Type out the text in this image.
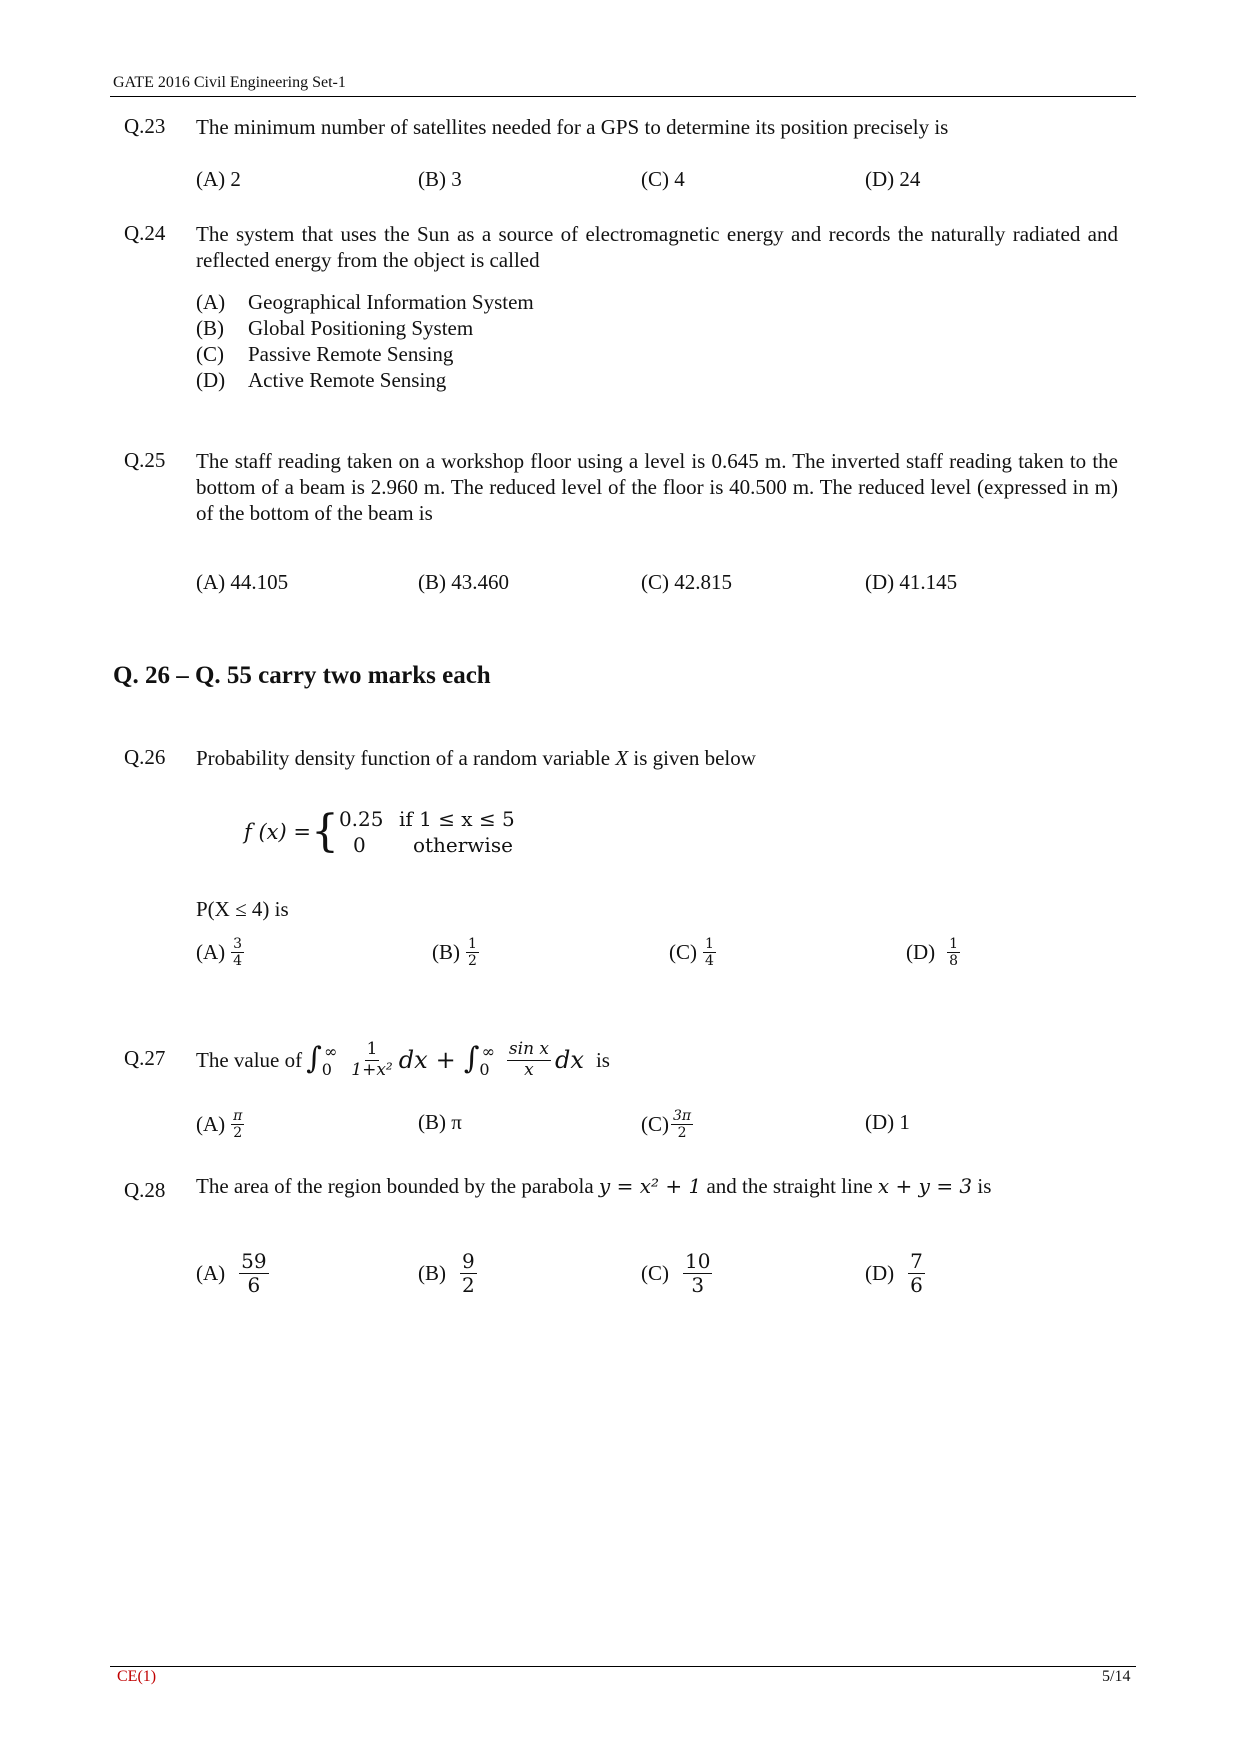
GATE 2016 Civil Engineering Set-1
CE(1)	5/14
Q.23 The minimum number of satellites needed for a GPS to determine its position precisely is
(A) 2	(B) 3	(C) 4	(D) 24
Q.24 The system that uses the Sun as a source of electromagnetic energy and records the naturally radiated and reflected energy from the object is called
(A) Geographical Information System
(B) Global Positioning System
(C) Passive Remote Sensing
(D) Active Remote Sensing
Q.25 The staff reading taken on a workshop floor using a level is 0.645 m. The inverted staff reading taken to the bottom of a beam is 2.960 m. The reduced level of the floor is 40.500 m. The reduced level (expressed in m) of the bottom of the beam is
(A) 44.105	(B) 43.460	(C) 42.815	(D) 41.145
Q. 26 – Q. 55 carry two marks each
Q.26 Probability density function of a random variable X is given below
f (x) = { 0.25 if 1 ≤ x ≤ 5
0	otherwise
P(X ≤ 4) is
$(A) \frac{3}{4}$	$(B) \frac{1}{2}$	$(C) \frac{1}{4}$	$(D) \frac{1}{8}$
Q.27 The value of $\int_0^\infty \frac{1}{\text{1+x²}}$ dx + $\int_0^\infty \frac{\text{sin x}}{x}$ dx is
$(A) \frac{\pi}{2}$	(B) π	$(C) \frac{3\pi}{2}$	(D) 1
Q.28 The area of the region bounded by the parabola y = x² + 1 and the straight line x + y = 3 is
$(A) \frac{59}{6}$	$(B) \frac{9}{2}$	$(C) \frac{10}{3}$	$(D) \frac{7}{6}$
